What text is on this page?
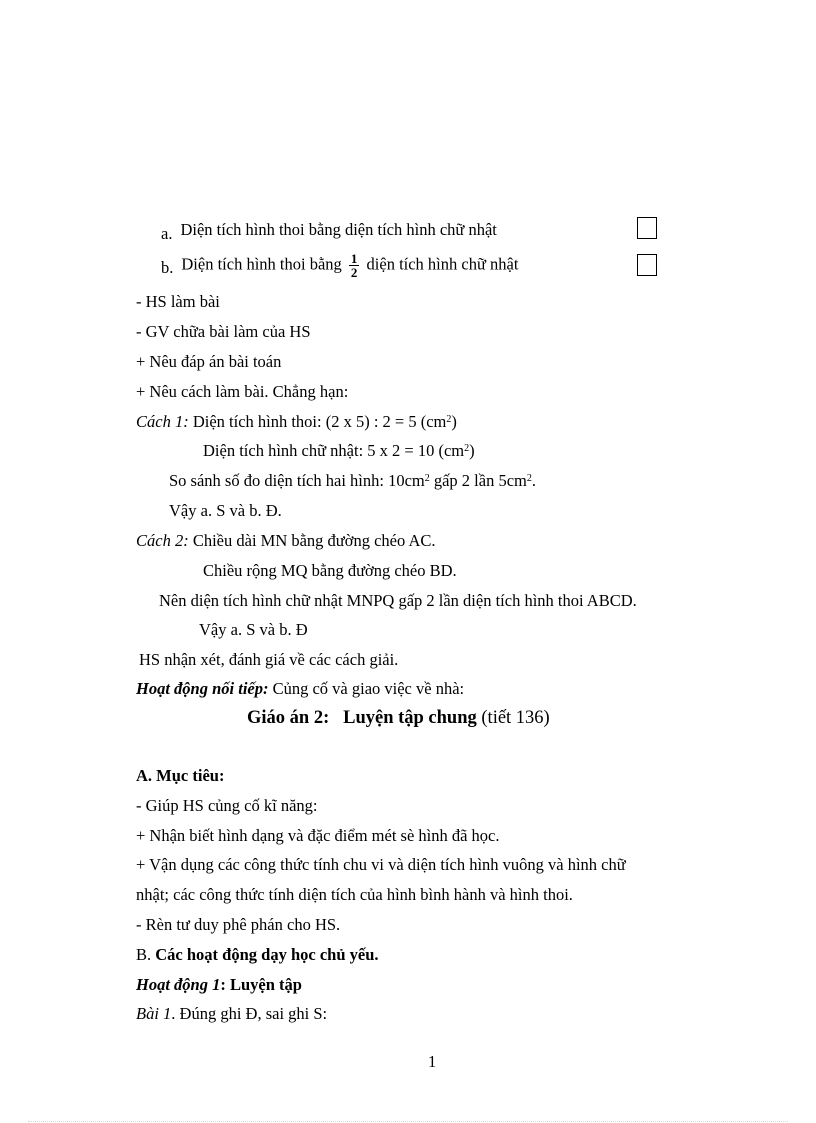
a. Diện tích hình thoi bằng diện tích hình chữ nhật
b. Diện tích hình thoi bằng $\frac{1}{2}$ diện tích hình chữ nhật
- HS làm bài
- GV chữa bài làm của HS
+ Nêu đáp án bài toán
+ Nêu cách làm bài. Chẳng hạn:
Cách 1: Diện tích hình thoi: (2 x 5) : 2 = 5 $(cm^2)$
Diện tích hình chữ nhật: 5 x 2 = 10 $(cm^2)$
So sánh số đo diện tích hai hình: $10cm^2$ gấp 2 lần $5cm^2$.
Vậy a. S và b. Đ.
Cách 2: Chiều dài MN bằng đường chéo AC.
Chiều rộng MQ bằng đường chéo BD.
Nên diện tích hình chữ nhật MNPQ gấp 2 lần diện tích hình thoi ABCD.
Vậy a. S và b. Đ
HS nhận xét, đánh giá về các cách giải.
Hoạt động nối tiếp: Củng cố và giao việc về nhà:
Giáo án 2:   Luyện tập chung (tiết 136)
A. Mục tiêu:
- Giúp HS củng cố kĩ năng:
+ Nhận biết hình dạng và đặc điểm mét sè hình đã học.
+ Vận dụng các công thức tính chu vi và diện tích hình vuông và hình chữ
nhật; các công thức tính diện tích của hình bình hành và hình thoi.
- Rèn tư duy phê phán cho HS.
B. Các hoạt động dạy học chủ yếu.
Hoạt động 1: Luyện tập
Bài 1. Đúng ghi Đ, sai ghi S:
1
